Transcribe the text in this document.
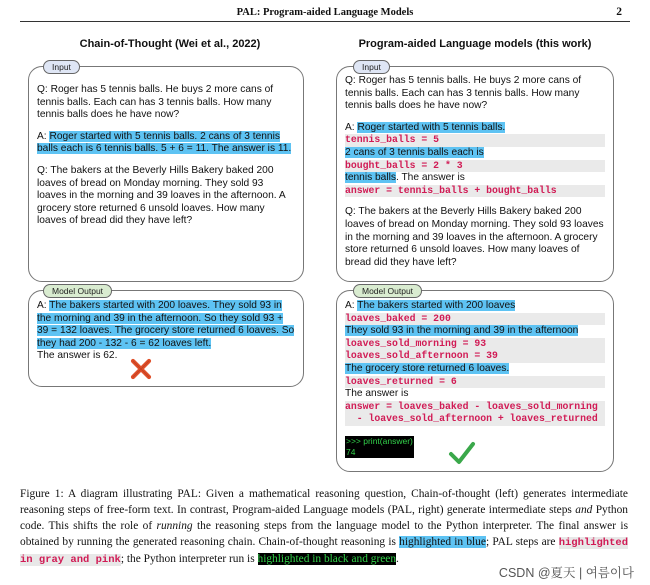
PAL: Program-aided Language Models	2
Chain-of-Thought (Wei et al., 2022)	Program-aided Language models (this work)
Input

Q: Roger has 5 tennis balls. He buys 2 more cans of tennis balls. Each can has 3 tennis balls. How many tennis balls does he have now?

A: Roger started with 5 tennis balls. 2 cans of 3 tennis balls each is 6 tennis balls. 5 + 6 = 11. The answer is 11.

Q: The bakers at the Beverly Hills Bakery baked 200 loaves of bread on Monday morning. They sold 93 loaves in the morning and 39 loaves in the afternoon. A grocery store returned 6 unsold loaves. How many loaves of bread did they have left?

Model Output

A: The bakers started with 200 loaves. They sold 93 in the morning and 39 in the afternoon. So they sold 93 + 39 = 132 loaves. The grocery store returned 6 loaves. So they had 200 - 132 - 6 = 62 loaves left.

The answer is 62.

Input

Q: Roger has 5 tennis balls. He buys 2 more cans of tennis balls. Each can has 3 tennis balls. How many tennis balls does he have now?

A: Roger started with 5 tennis balls.
tennis_balls = 5
2 cans of 3 tennis balls each is
bought_balls = 2 * 3
tennis balls. The answer is
answer = tennis_balls + bought_balls

Q: The bakers at the Beverly Hills Bakery baked 200 loaves of bread on Monday morning. They sold 93 loaves in the morning and 39 loaves in the afternoon. A grocery store returned 6 unsold loaves. How many loaves of bread did they have left?

Model Output

A: The bakers started with 200 loaves
loaves_baked = 200
They sold 93 in the morning and 39 in the afternoon
loaves_sold_morning = 93
loaves_sold_afternoon = 39
The grocery store returned 6 loaves.
loaves_returned = 6
The answer is
answer = loaves_baked - loaves_sold_morning
- loaves_sold_afternoon + loaves_returned

>>> print(answer)
74
Figure 1: A diagram illustrating PAL: Given a mathematical reasoning question, Chain-of-thought (left) generates intermediate reasoning steps of free-form text. In contrast, Program-aided Language models (PAL, right) generate intermediate steps and Python code. This shifts the role of running the reasoning steps from the language model to the Python interpreter. The final answer is obtained by running the generated reasoning chain. Chain-of-thought reasoning is highlighted in blue; PAL steps are highlighted in gray and pink; the Python interpreter run is highlighted in black and green.
CSDN @夏天 | 여름이다
